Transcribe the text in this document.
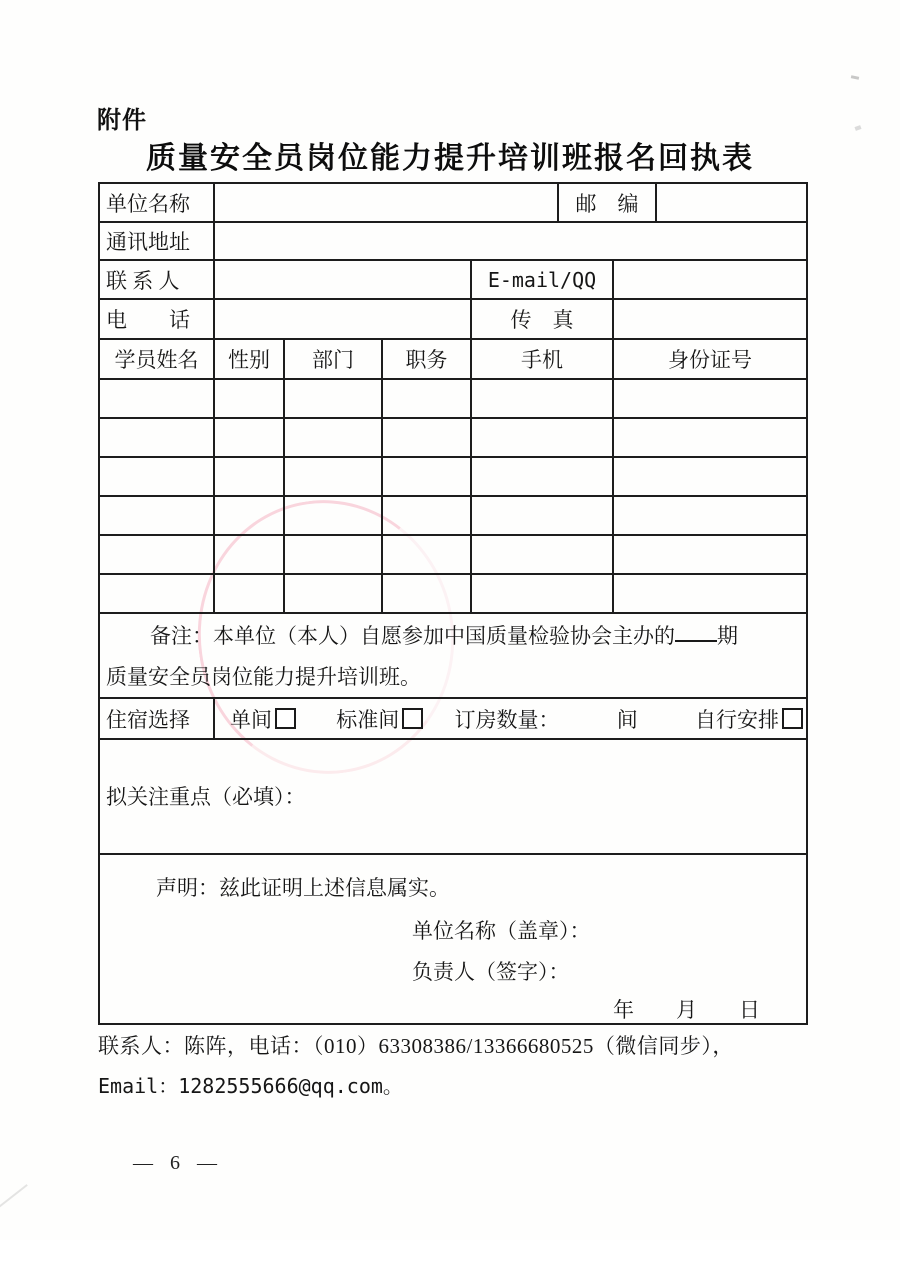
附件
质量安全员岗位能力提升培训班报名回执表
单位名称					邮　编		
通讯地址							
联 系 人				E-mail/QQ			
电　　话				传　真			
学员姓名	性别	部门	职务	手机		身份证号	

备注：本单位（本人）自愿参加中国质量检验协会主办的 期
质量安全员岗位能力提升培训班。							

住宿选择	单间 标准间 订房数量： 间 自行安排						

拟关注重点（必填）：							

声明：兹此证明上述信息属实。
单位名称（盖章）：
负责人（签字）：
年　　月　　日							
联系人：陈阵，电话：（010）63308386/13366680525（微信同步），
Email：1282555666@qq.com。
— 6 —
